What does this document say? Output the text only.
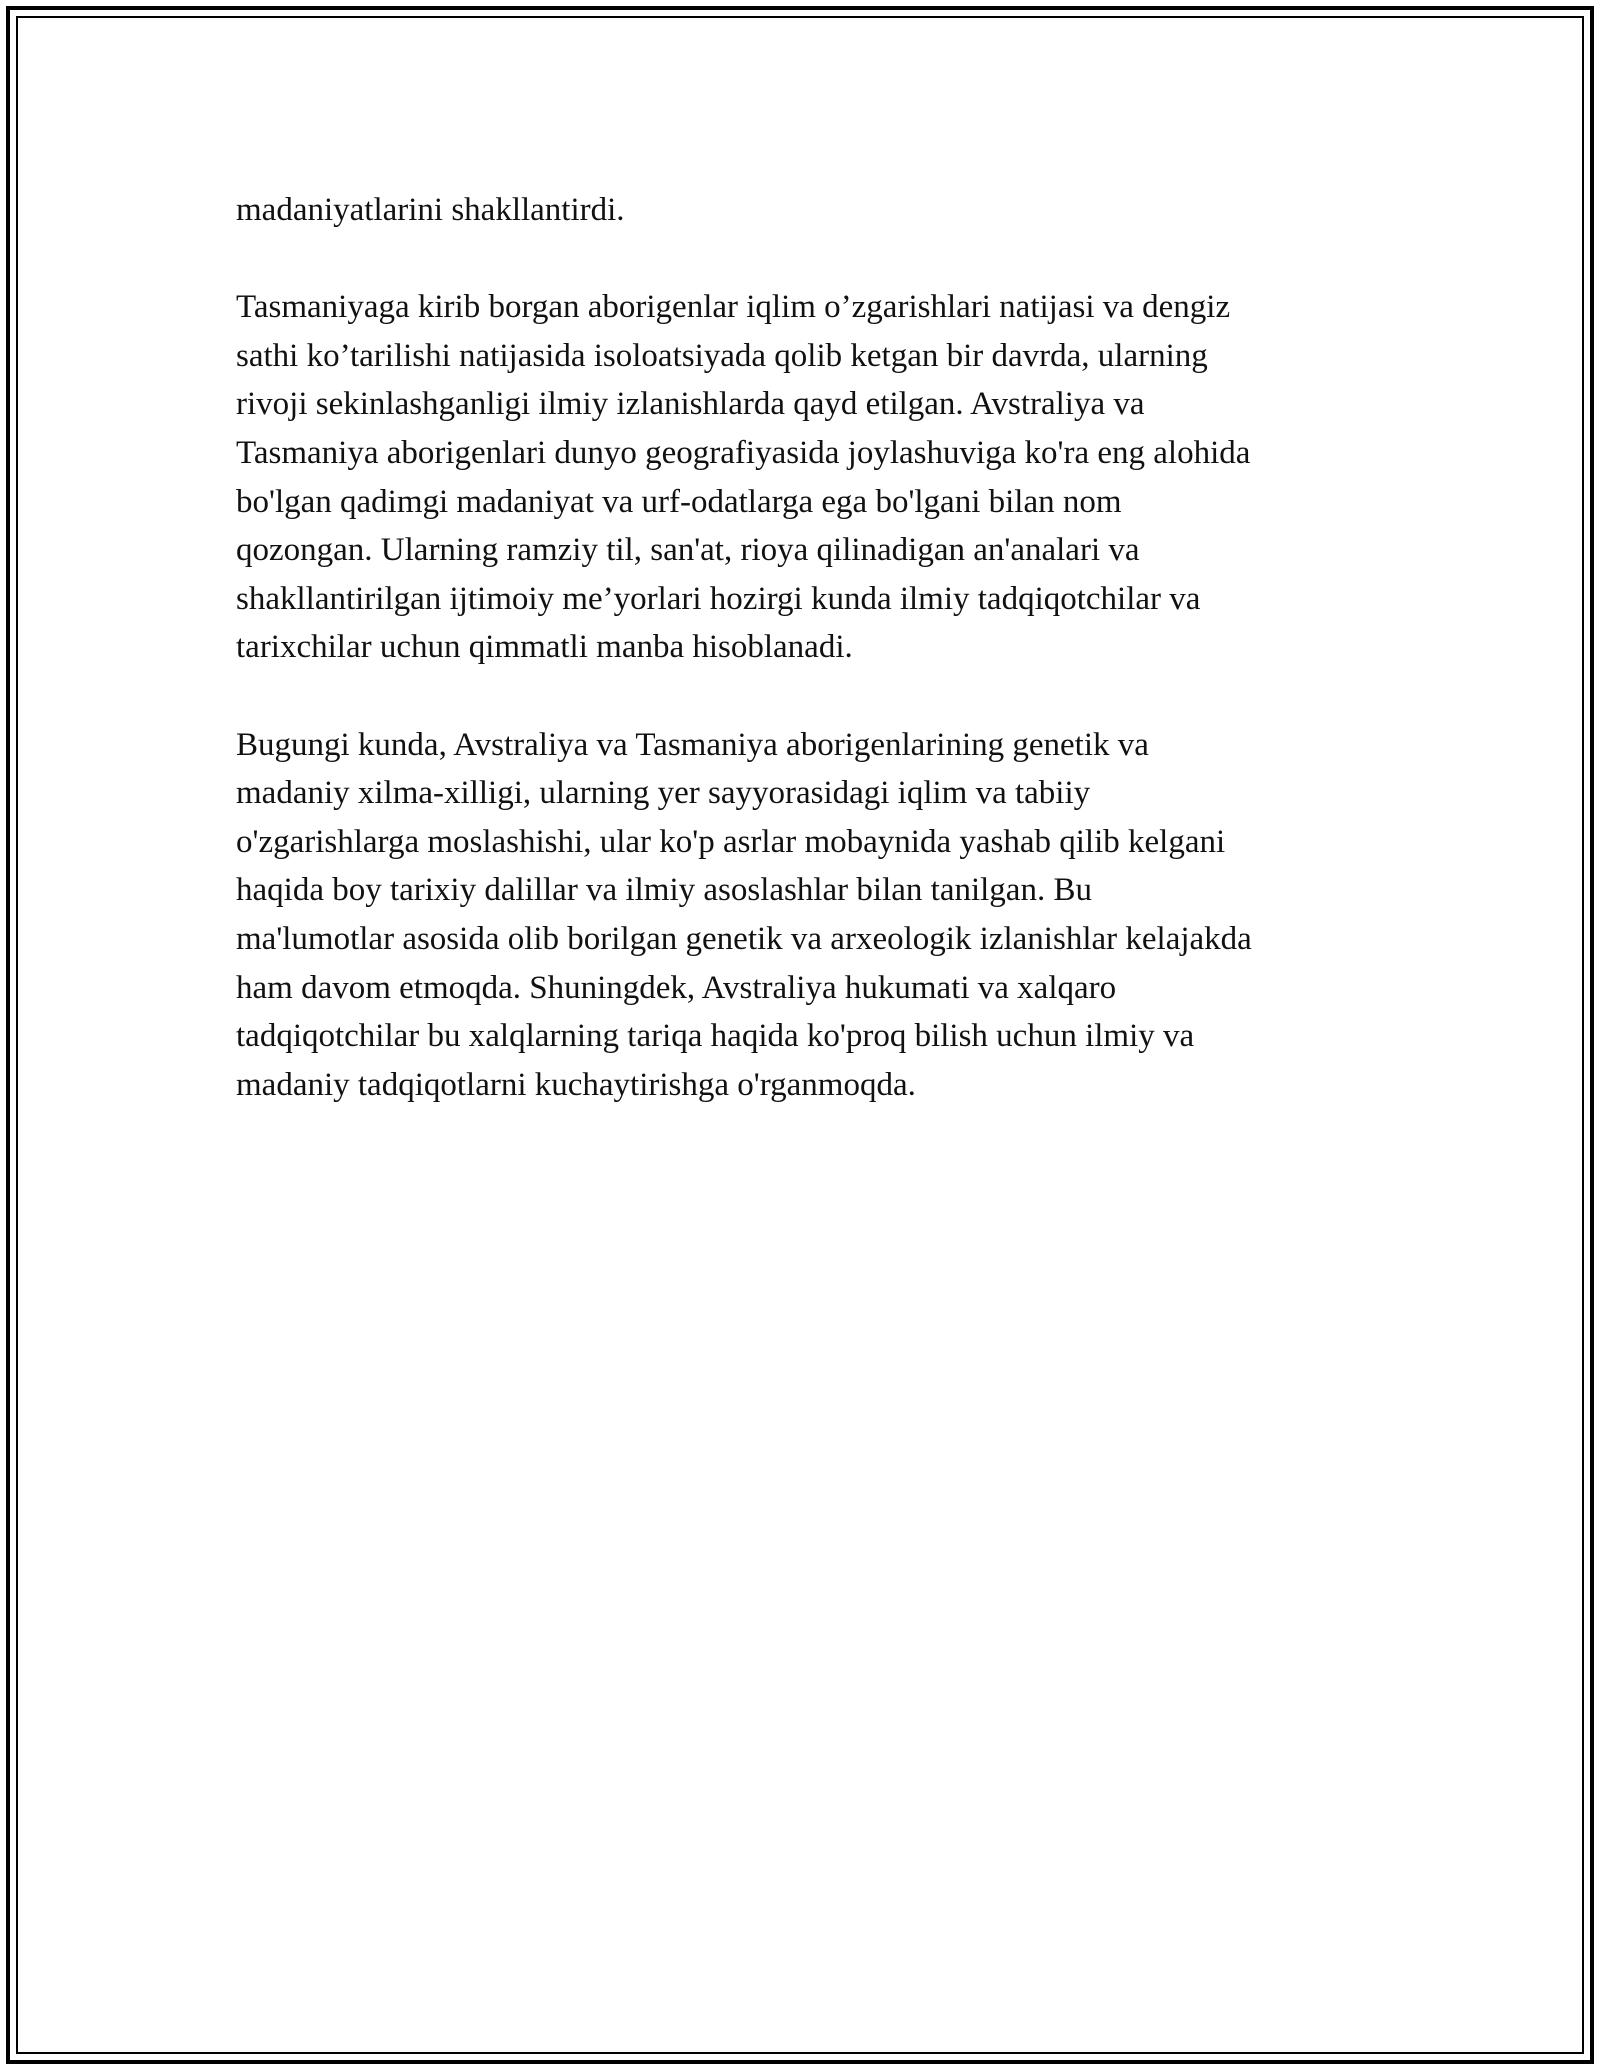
madaniyatlarini shakllantirdi.

Tasmaniyaga kirib borgan aborigenlar iqlim o’zgarishlari natijasi va dengiz
sathi ko’tarilishi natijasida isoloatsiyada qolib ketgan bir davrda, ularning
rivoji sekinlashganligi ilmiy izlanishlarda qayd etilgan. Avstraliya va
Tasmaniya aborigenlari dunyo geografiyasida joylashuviga ko'ra eng alohida
bo'lgan qadimgi madaniyat va urf-odatlarga ega bo'lgani bilan nom
qozongan. Ularning ramziy til, san'at, rioya qilinadigan an'analari va
shakllantirilgan ijtimoiy me’yorlari hozirgi kunda ilmiy tadqiqotchilar va
tarixchilar uchun qimmatli manba hisoblanadi.

Bugungi kunda, Avstraliya va Tasmaniya aborigenlarining genetik va
madaniy xilma-xilligi, ularning yer sayyorasidagi iqlim va tabiiy
o'zgarishlarga moslashishi, ular ko'p asrlar mobaynida yashab qilib kelgani
haqida boy tarixiy dalillar va ilmiy asoslashlar bilan tanilgan. Bu
ma'lumotlar asosida olib borilgan genetik va arxeologik izlanishlar kelajakda
ham davom etmoqda. Shuningdek, Avstraliya hukumati va xalqaro
tadqiqotchilar bu xalqlarning tariqa haqida ko'proq bilish uchun ilmiy va
madaniy tadqiqotlarni kuchaytirishga o'rganmoqda.
